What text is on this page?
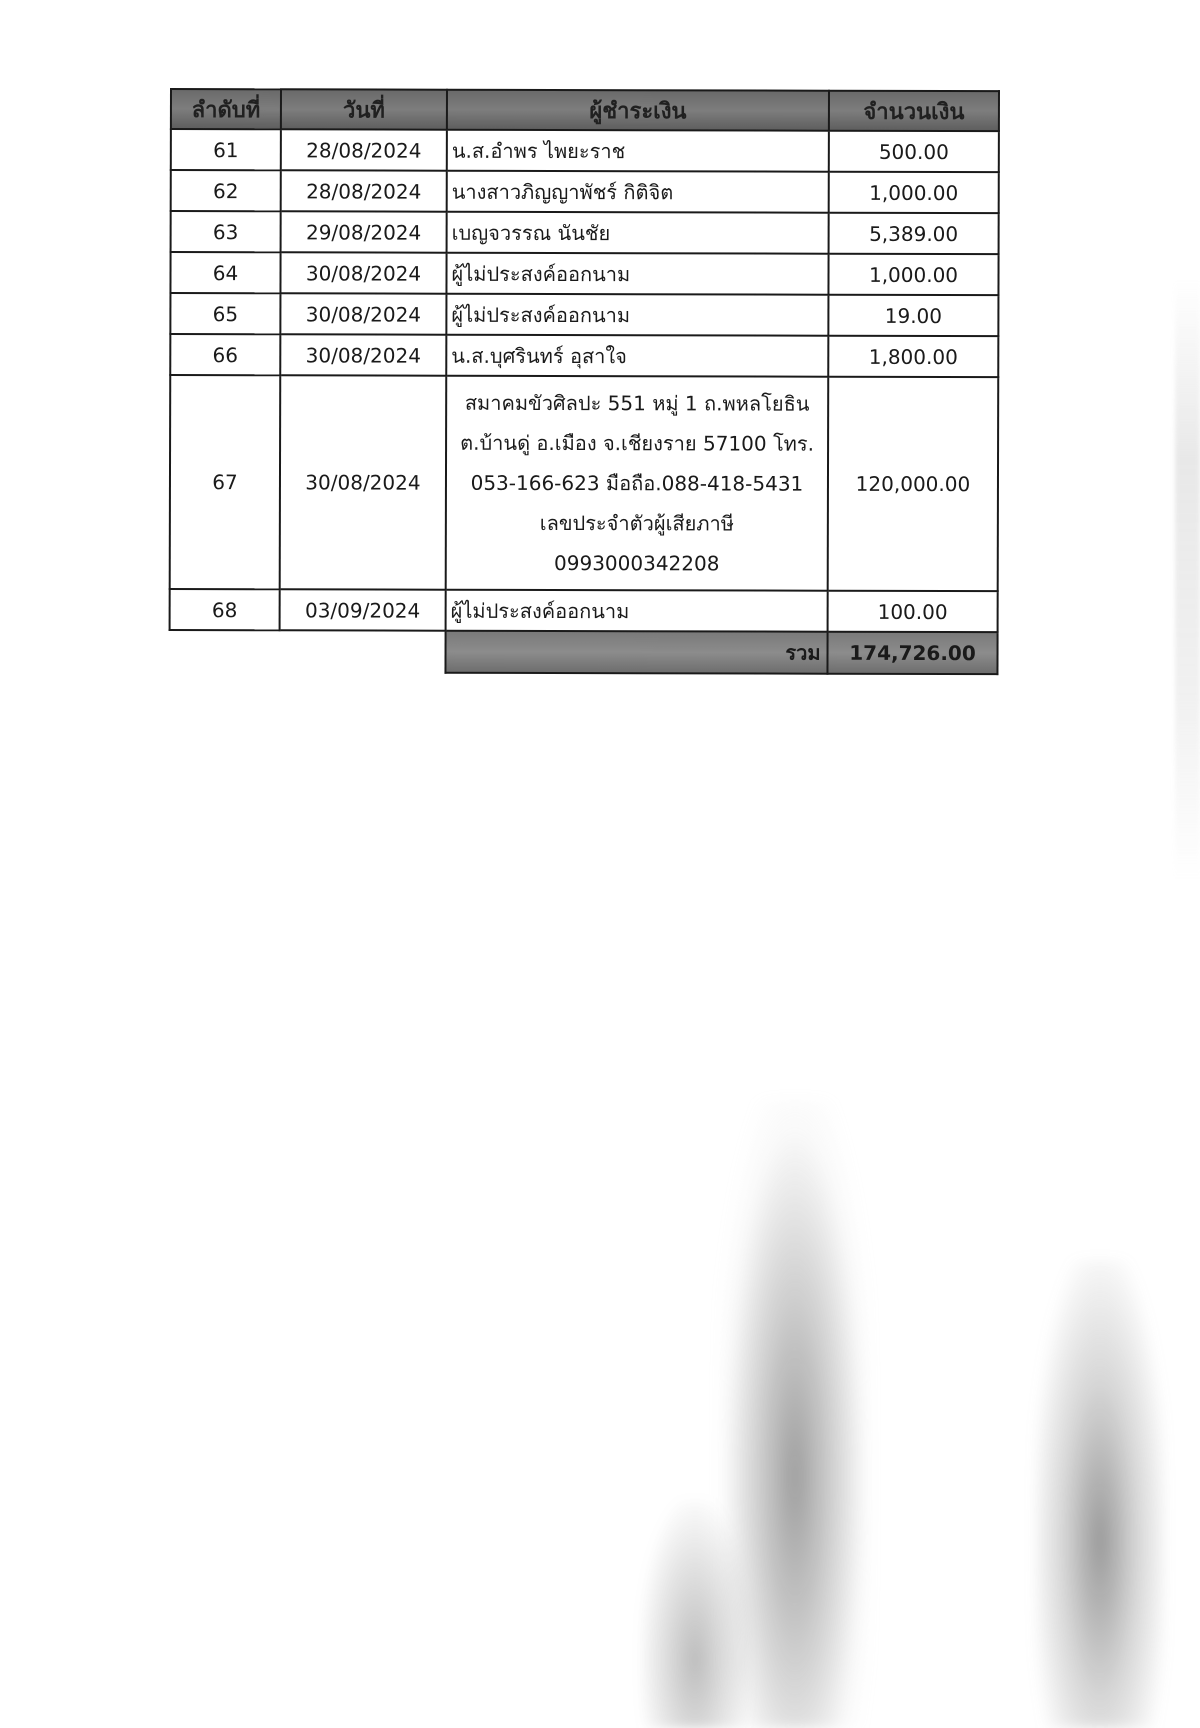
ลำดับที่	วันที่	ผู้ชำระเงิน	จำนวนเงิน
61	28/08/2024	น.ส.อำพร ไพยะราช	500.00
62	28/08/2024	นางสาวภิญญาพัชร์ กิติจิต	1,000.00
63	29/08/2024	เบญจวรรณ นันชัย	5,389.00
64	30/08/2024	ผู้ไม่ประสงค์ออกนาม	1,000.00
65	30/08/2024	ผู้ไม่ประสงค์ออกนาม	19.00
66	30/08/2024	น.ส.บุศรินทร์ อุสาใจ	1,800.00
67	30/08/2024	สมาคมขัวศิลปะ 551 หมู่ 1 ถ.พหลโยธิน ต.บ้านดู่ อ.เมือง จ.เชียงราย 57100 โทร. 053-166-623 มือถือ.088-418-5431 เลขประจำตัวผู้เสียภาษี 0993000342208	120,000.00
68	03/09/2024	ผู้ไม่ประสงค์ออกนาม	100.00
		รวม	174,726.00
